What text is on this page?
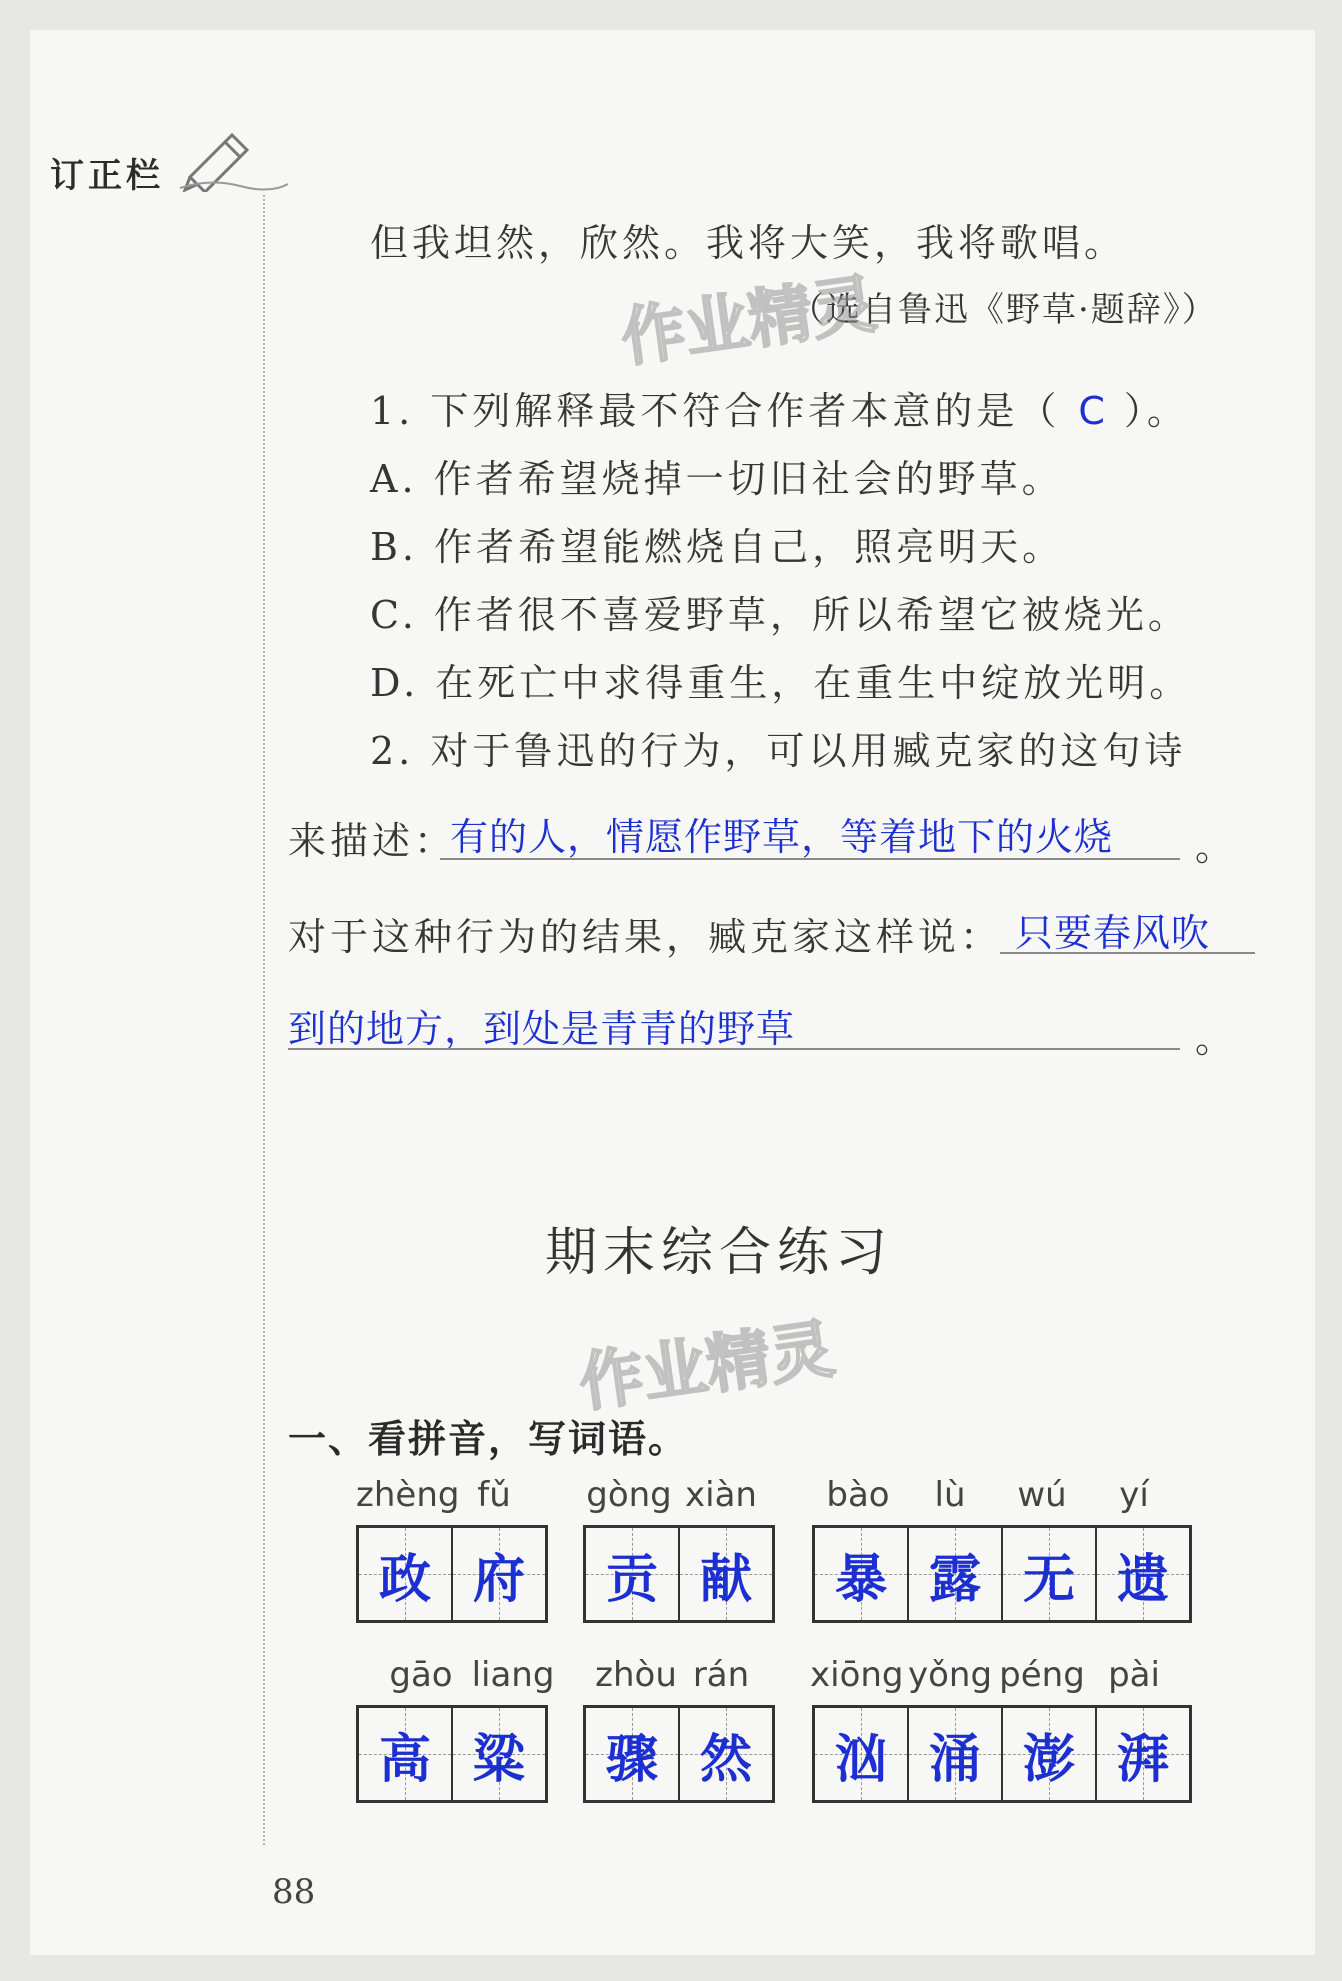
订正栏
但我坦然，欣然。我将大笑，我将歌唱。
（选自鲁迅《野草·题辞》）
作业精灵
1. 下列解释最不符合作者本意的是（ C ）。
A. 作者希望烧掉一切旧社会的野草。
B. 作者希望能燃烧自己，照亮明天。
C. 作者很不喜爱野草，所以希望它被烧光。
D. 在死亡中求得重生，在重生中绽放光明。
2. 对于鲁迅的行为，可以用臧克家的这句诗
来描述：
有的人，情愿作野草，等着地下的火烧 。
对于这种行为的结果，臧克家这样说： 只要春风吹
到的地方，到处是青青的野草	。
期末综合练习
作业精灵
一、看拼音，写词语。
zhèng fǔ
政 府
gòng xiàn
贡 献
bào	lù	wú	yí
暴 露 无 遗
gāo liang
高 粱
zhòu rán
骤 然
xiōng yǒng péng pài
汹 涌 澎 湃
88
